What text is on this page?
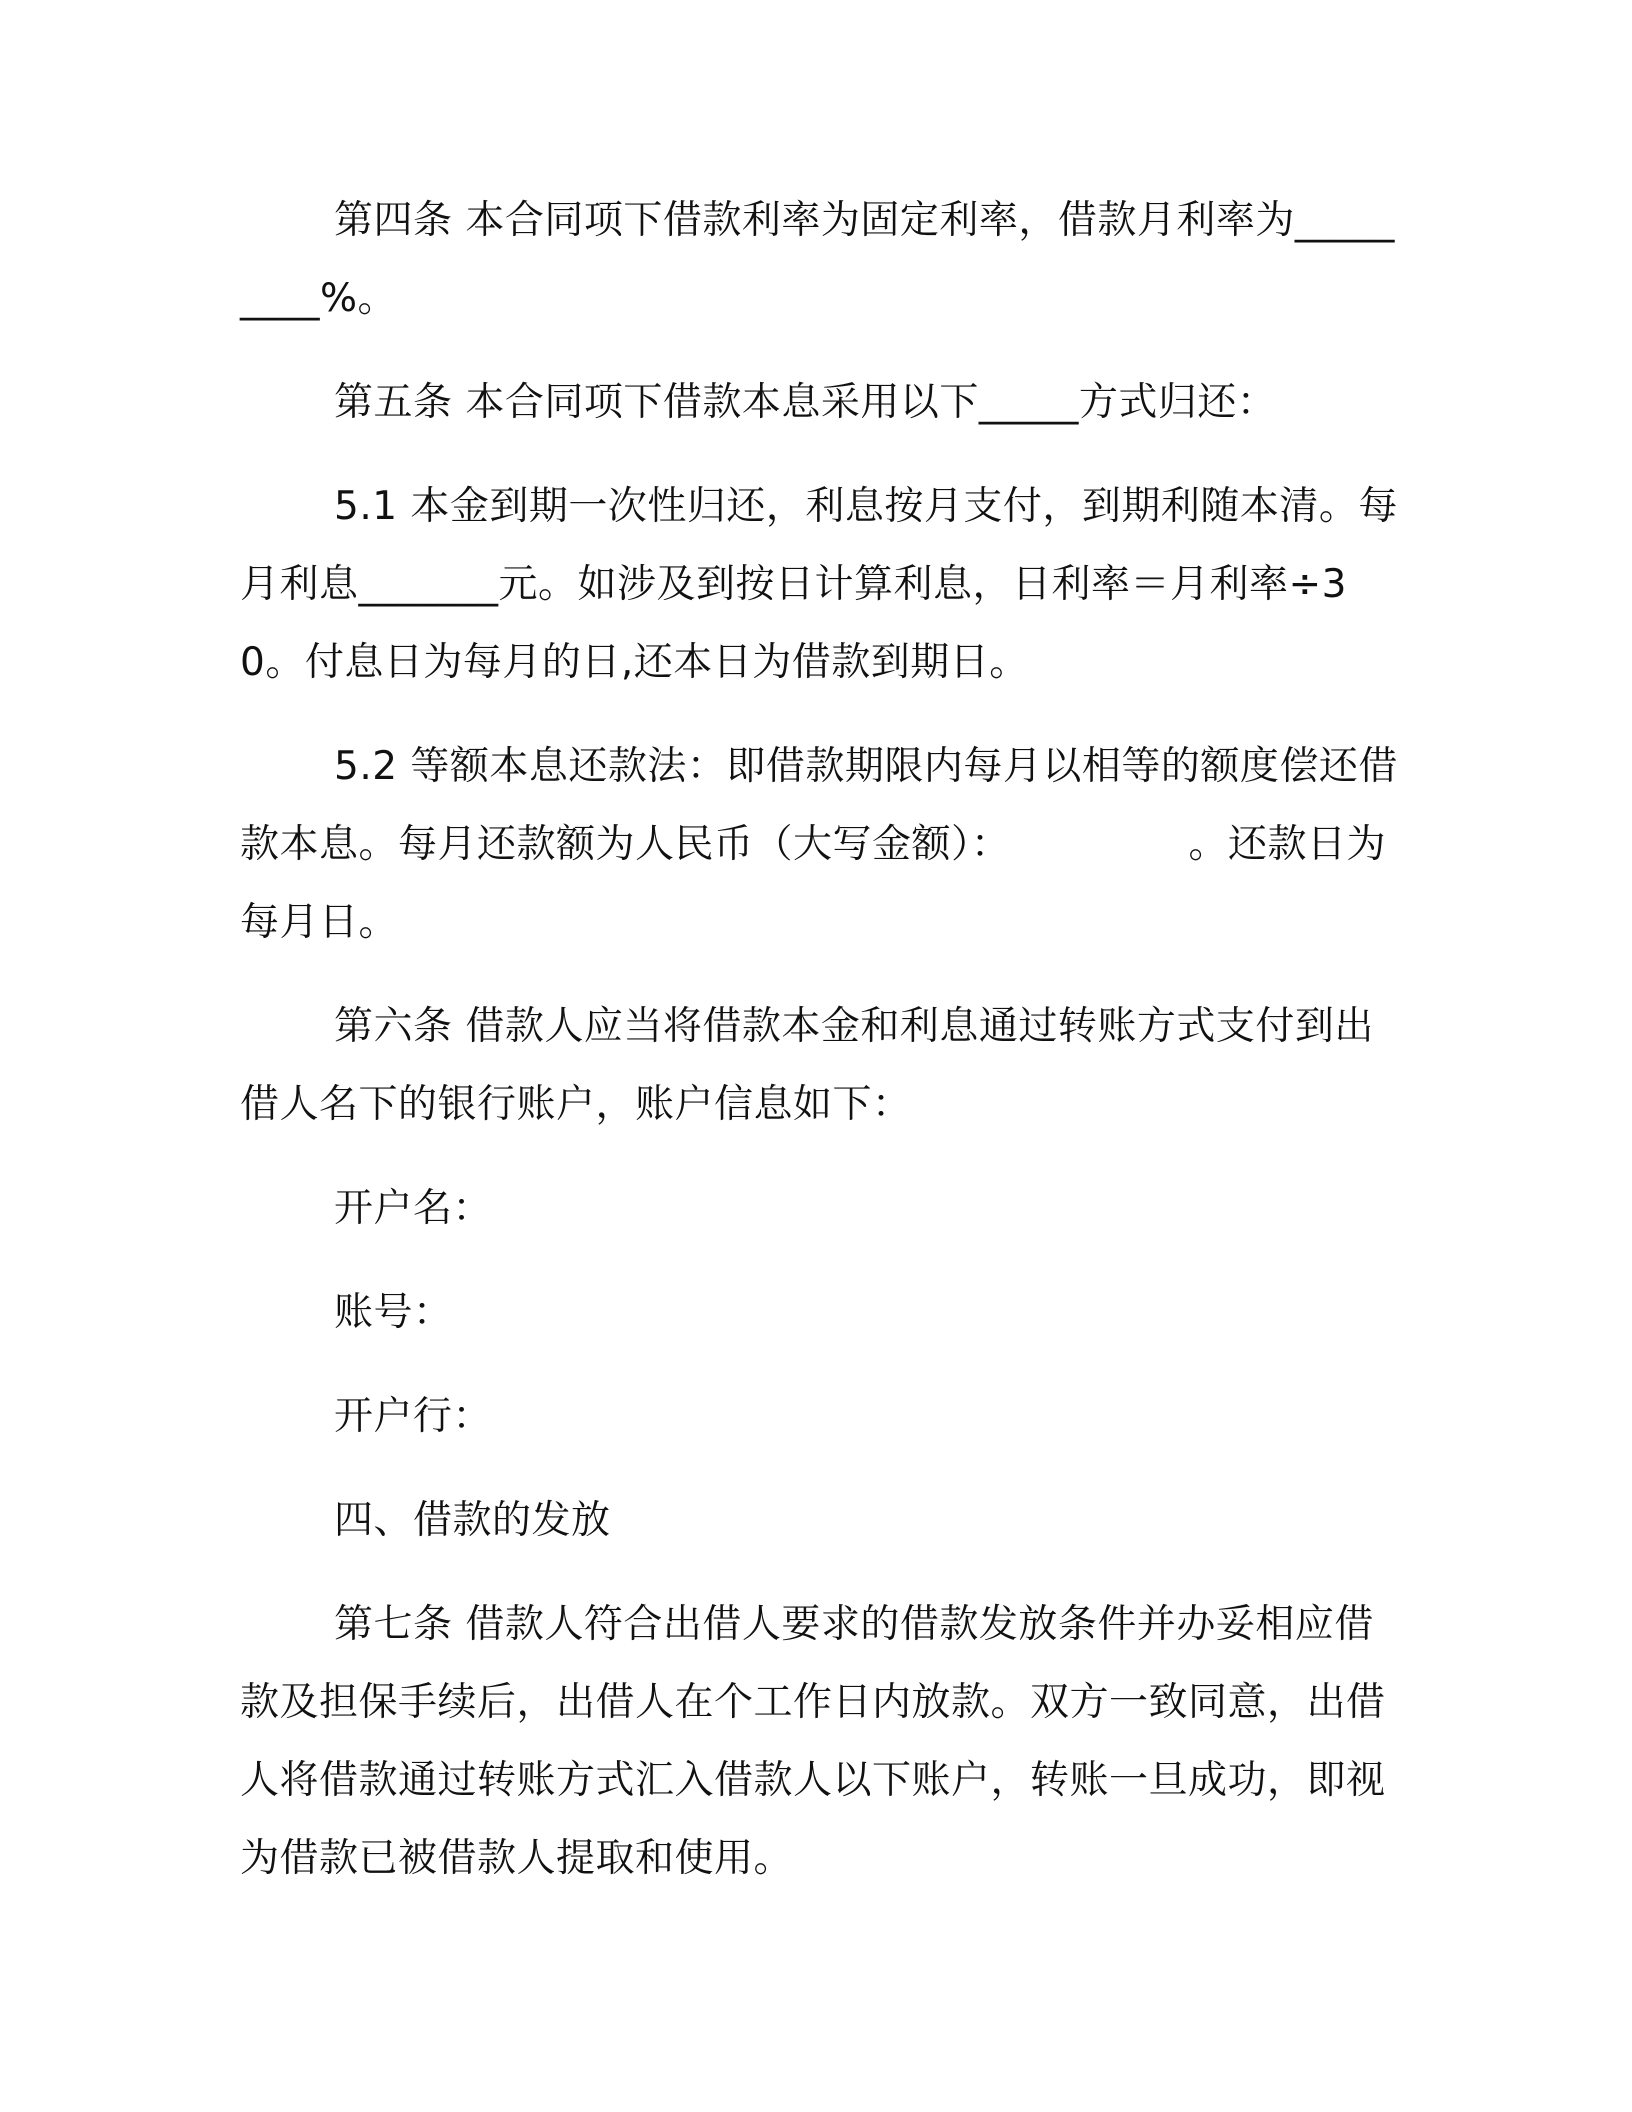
第四条 本合同项下借款利率为固定利率，借款月利率为_________%。

第五条 本合同项下借款本息采用以下_____方式归还：

5.1 本金到期一次性归还，利息按月支付，到期利随本清。每月利息_______元。如涉及到按日计算利息，日利率＝月利率÷30。付息日为每月的日,还本日为借款到期日。

5.2 等额本息还款法：即借款期限内每月以相等的额度偿还借款本息。每月还款额为人民币（大写金额）：　　　　　。还款日为每月日。

第六条 借款人应当将借款本金和利息通过转账方式支付到出借人名下的银行账户，账户信息如下：

开户名：

账号：

开户行：

四、借款的发放

第七条 借款人符合出借人要求的借款发放条件并办妥相应借款及担保手续后，出借人在个工作日内放款。双方一致同意，出借人将借款通过转账方式汇入借款人以下账户，转账一旦成功，即视为借款已被借款人提取和使用。
